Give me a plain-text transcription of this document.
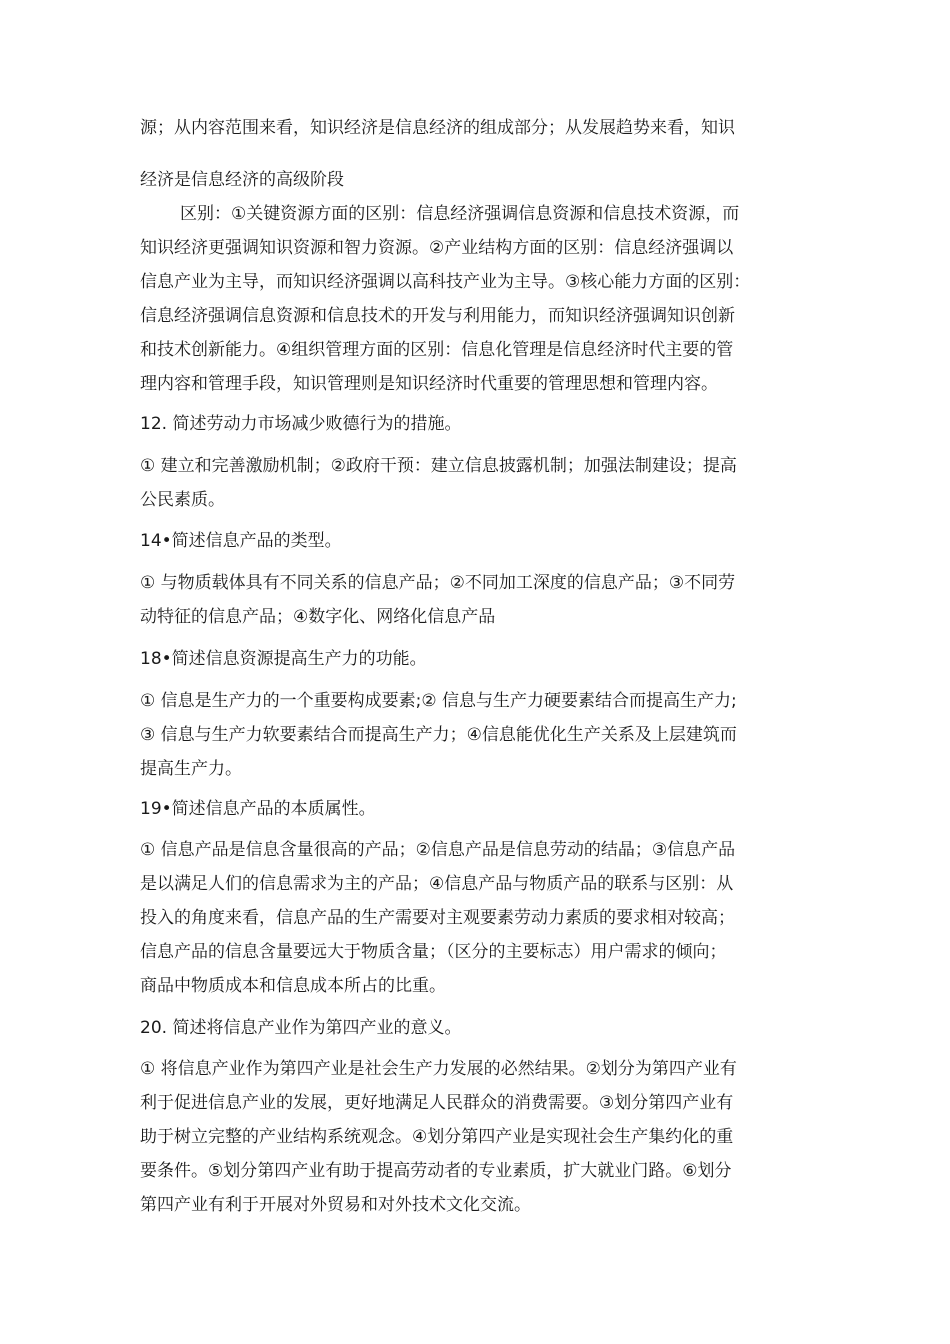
源；从内容范围来看，知识经济是信息经济的组成部分；从发展趋势来看，知识
经济是信息经济的高级阶段
区别：①关键资源方面的区别：信息经济强调信息资源和信息技术资源，而
知识经济更强调知识资源和智力资源。②产业结构方面的区别：信息经济强调以
信息产业为主导，而知识经济强调以高科技产业为主导。③核心能力方面的区别：
信息经济强调信息资源和信息技术的开发与利用能力，而知识经济强调知识创新
和技术创新能力。④组织管理方面的区别：信息化管理是信息经济时代主要的管
理内容和管理手段，知识管理则是知识经济时代重要的管理思想和管理内容。
12. 简述劳动力市场减少败德行为的措施。
① 建立和完善激励机制；②政府干预：建立信息披露机制；加强法制建设；提高
公民素质。
14•简述信息产品的类型。
① 与物质载体具有不同关系的信息产品；②不同加工深度的信息产品；③不同劳
动特征的信息产品；④数字化、网络化信息产品
18•简述信息资源提高生产力的功能。
① 信息是生产力的一个重要构成要素;② 信息与生产力硬要素结合而提高生产力;
③ 信息与生产力软要素结合而提高生产力；④信息能优化生产关系及上层建筑而
提高生产力。
19•简述信息产品的本质属性。
① 信息产品是信息含量很高的产品；②信息产品是信息劳动的结晶；③信息产品
是以满足人们的信息需求为主的产品；④信息产品与物质产品的联系与区别：从
投入的角度来看，信息产品的生产需要对主观要素劳动力素质的要求相对较高；
信息产品的信息含量要远大于物质含量；（区分的主要标志）用户需求的倾向；
商品中物质成本和信息成本所占的比重。
20. 简述将信息产业作为第四产业的意义。
① 将信息产业作为第四产业是社会生产力发展的必然结果。②划分为第四产业有
利于促进信息产业的发展，更好地满足人民群众的消费需要。③划分第四产业有
助于树立完整的产业结构系统观念。④划分第四产业是实现社会生产集约化的重
要条件。⑤划分第四产业有助于提高劳动者的专业素质，扩大就业门路。⑥划分
第四产业有利于开展对外贸易和对外技术文化交流。
